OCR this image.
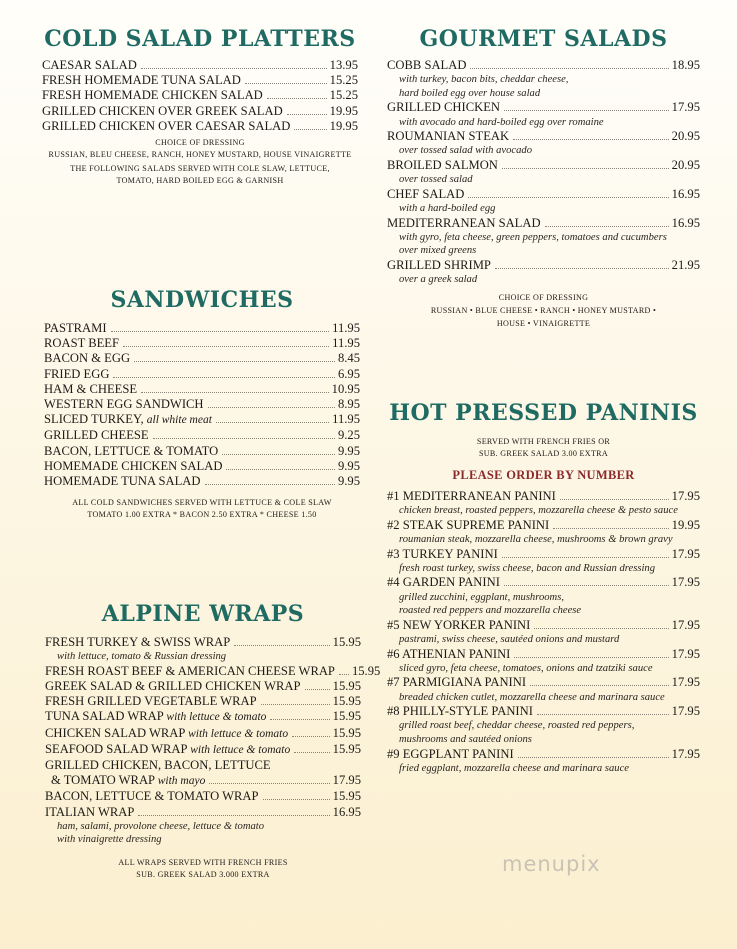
COLD SALAD PLATTERS
CAESAR SALAD	13.95
FRESH HOMEMADE TUNA SALAD	15.25
FRESH HOMEMADE CHICKEN SALAD	15.25
GRILLED CHICKEN OVER GREEK SALAD	19.95
GRILLED CHICKEN OVER CAESAR SALAD	19.95
CHOICE OF DRESSING
RUSSIAN, BLEU CHEESE, RANCH, HONEY MUSTARD, HOUSE VINAIGRETTE
THE FOLLOWING SALADS SERVED WITH COLE SLAW, LETTUCE,
TOMATO, HARD BOILED EGG & GARNISH
SANDWICHES
PASTRAMI	11.95
ROAST BEEF	11.95
BACON & EGG	8.45
FRIED EGG	6.95
HAM & CHEESE	10.95
WESTERN EGG SANDWICH	8.95
SLICED TURKEY, all white meat	11.95
GRILLED CHEESE	9.25
BACON, LETTUCE & TOMATO	9.95
HOMEMADE CHICKEN SALAD	9.95
HOMEMADE TUNA SALAD	9.95
ALL COLD SANDWICHES SERVED WITH LETTUCE & COLE SLAW
TOMATO 1.00 EXTRA * BACON 2.50 EXTRA * CHEESE 1.50
ALPINE WRAPS
FRESH TURKEY & SWISS WRAP	15.95
with lettuce, tomato & Russian dressing
FRESH ROAST BEEF & AMERICAN CHEESE WRAP 15.95
GREEK SALAD & GRILLED CHICKEN WRAP	15.95
FRESH GRILLED VEGETABLE WRAP	15.95
TUNA SALAD WRAP with lettuce & tomato	15.95
CHICKEN SALAD WRAP with lettuce & tomato	15.95
SEAFOOD SALAD WRAP with lettuce & tomato	15.95
GRILLED CHICKEN, BACON, LETTUCE
& TOMATO WRAP with mayo	17.95
BACON, LETTUCE & TOMATO WRAP	15.95
ITALIAN WRAP	16.95
ham, salami, provolone cheese, lettuce & tomato
with vinaigrette dressing
ALL WRAPS SERVED WITH FRENCH FRIES
SUB. GREEK SALAD 3.000 EXTRA
GOURMET SALADS
COBB SALAD	18.95
with turkey, bacon bits, cheddar cheese,
hard boiled egg over house salad
GRILLED CHICKEN	17.95
with avocado and hard-boiled egg over romaine
ROUMANIAN STEAK	20.95
over tossed salad with avocado
BROILED SALMON	20.95
over tossed salad
CHEF SALAD	16.95
with a hard-boiled egg
MEDITERRANEAN SALAD	16.95
with gyro, feta cheese, green peppers, tomatoes and cucumbers
over mixed greens
GRILLED SHRIMP	21.95
over a greek salad
CHOICE OF DRESSING
RUSSIAN • BLUE CHEESE • RANCH • HONEY MUSTARD •
HOUSE • VINAIGRETTE
HOT PRESSED PANINIS
SERVED WITH FRENCH FRIES OR
SUB. GREEK SALAD 3.00 EXTRA
PLEASE ORDER BY NUMBER
#1 MEDITERRANEAN PANINI	17.95
chicken breast, roasted peppers, mozzarella cheese & pesto sauce
#2 STEAK SUPREME PANINI	19.95
roumanian steak, mozzarella cheese, mushrooms & brown gravy
#3 TURKEY PANINI	17.95
fresh roast turkey, swiss cheese, bacon and Russian dressing
#4 GARDEN PANINI	17.95
grilled zucchini, eggplant, mushrooms,
roasted red peppers and mozzarella cheese
#5 NEW YORKER PANINI	17.95
pastrami, swiss cheese, sautéed onions and mustard
#6 ATHENIAN PANINI	17.95
sliced gyro, feta cheese, tomatoes, onions and tzatziki sauce
#7 PARMIGIANA PANINI	17.95
breaded chicken cutlet, mozzarella cheese and marinara sauce
#8 PHILLY-STYLE PANINI	17.95
grilled roast beef, cheddar cheese, roasted red peppers,
mushrooms and sautéed onions
#9 EGGPLANT PANINI	17.95
fried eggplant, mozzarella cheese and marinara sauce
menupix
